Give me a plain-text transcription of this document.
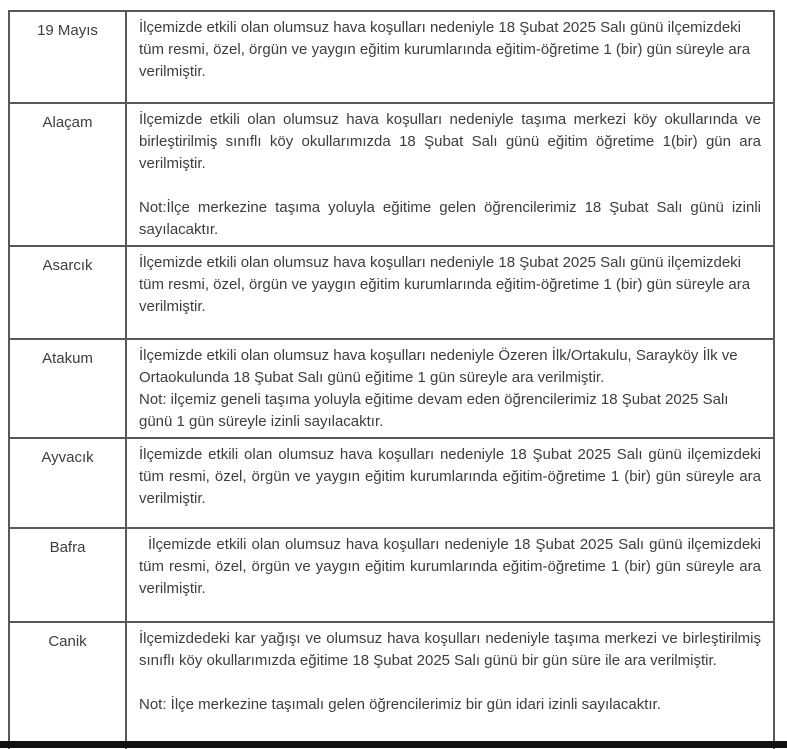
19 Mayıs	İlçemizde etkili olan olumsuz hava koşulları nedeniyle 18 Şubat 2025 Salı günü ilçemizdeki tüm resmi, özel, örgün ve yaygın eğitim kurumlarında eğitim-öğretime 1 (bir) gün süreyle ara verilmiştir.

Alaçam	İlçemizde etkili olan olumsuz hava koşulları nedeniyle taşıma merkezi köy okullarında ve birleştirilmiş sınıflı köy okullarımızda 18 Şubat Salı günü eğitim öğretime 1(bir) gün ara verilmiştir.

Not:İlçe merkezine taşıma yoluyla eğitime gelen öğrencilerimiz 18 Şubat Salı günü izinli sayılacaktır.

Asarcık	İlçemizde etkili olan olumsuz hava koşulları nedeniyle 18 Şubat 2025 Salı günü ilçemizdeki tüm resmi, özel, örgün ve yaygın eğitim kurumlarında eğitim-öğretime 1 (bir) gün süreyle ara verilmiştir.

Atakum	İlçemizde etkili olan olumsuz hava koşulları nedeniyle Özeren İlk/Ortakulu, Sarayköy İlk ve Ortaokulunda 18 Şubat Salı günü eğitime 1 gün süreyle ara verilmiştir.

Not: ilçemiz geneli taşıma yoluyla eğitime devam eden öğrencilerimiz 18 Şubat 2025 Salı günü 1 gün süreyle izinli sayılacaktır.

Ayvacık	İlçemizde etkili olan olumsuz hava koşulları nedeniyle 18 Şubat 2025 Salı günü ilçemizdeki tüm resmi, özel, örgün ve yaygın eğitim kurumlarında eğitim-öğretime 1 (bir) gün süreyle ara verilmiştir.

Bafra	İlçemizde etkili olan olumsuz hava koşulları nedeniyle 18 Şubat 2025 Salı günü ilçemizdeki tüm resmi, özel, örgün ve yaygın eğitim kurumlarında eğitim-öğretime 1 (bir) gün süreyle ara verilmiştir.

Canik	İlçemizdedeki kar yağışı ve olumsuz hava koşulları nedeniyle taşıma merkezi ve birleştirilmiş sınıflı köy okullarımızda eğitime 18 Şubat 2025 Salı günü bir gün süre ile ara verilmiştir.

Not: İlçe merkezine taşımalı gelen öğrencilerimiz bir gün idari izinli sayılacaktır.
